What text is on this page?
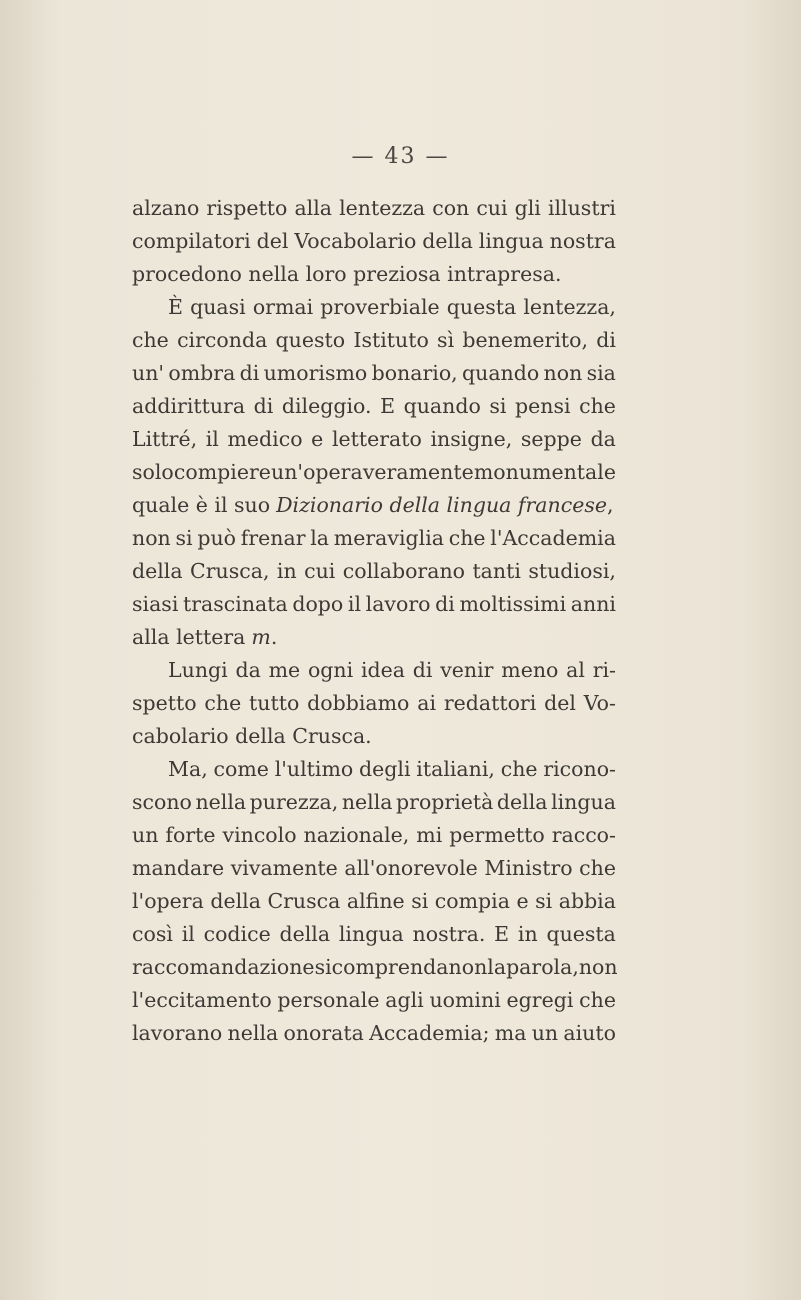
— 43 —
alzano rispetto alla lentezza con cui gli illustri
compilatori del Vocabolario della lingua nostra
procedono nella loro preziosa intrapresa.
È quasi ormai proverbiale questa lentezza,
che circonda questo Istituto sì benemerito, di
un' ombra di umorismo bonario, quando non sia
addirittura di dileggio. E quando si pensi che
Littré, il medico e letterato insigne, seppe da
solo compiere un'opera veramente monumentale
quale è il suo Dizionario della lingua francese ,
non si può frenar la meraviglia che l'Accademia
della Crusca, in cui collaborano tanti studiosi,
siasi trascinata dopo il lavoro di moltissimi anni
alla lettera m .
Lungi da me ogni idea di venir meno al ri-
spetto che tutto dobbiamo ai redattori del Vo-
cabolario della Crusca.
Ma, come l'ultimo degli italiani, che ricono-
scono nella purezza, nella proprietà della lingua
un forte vincolo nazionale, mi permetto racco-
mandare vivamente all'onorevole Ministro che
l'opera della Crusca alfine si compia e si abbia
così il codice della lingua nostra. E in questa
raccomandazione si comprenda non la parola, non
l'eccitamento personale agli uomini egregi che
lavorano nella onorata Accademia; ma un aiuto
